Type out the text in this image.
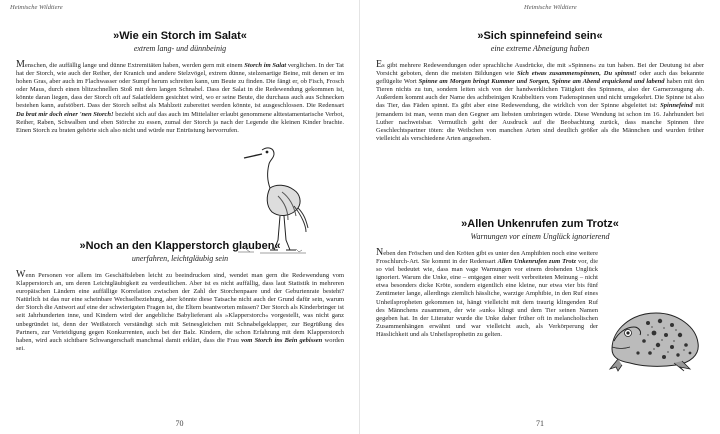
Heimische Wildtiere
»Wie ein Storch im Salat«
extrem lang- und dünnbeinig
Menschen, die auffällig lange und dünne Extremitäten haben, werden gern mit einem Storch im Salat verglichen. In der Tat hat der Storch, wie auch der Reiher, der Kranich und andere Stelzvögel, extrem dünne, stelzenartige Beine, mit denen er im hohen Gras, aber auch im Flachwasser oder Sumpf herum schreiten kann, um Beute zu finden. Die fängt er, ob Fisch, Frosch oder Maus, durch einen blitzschnellen Stoß mit dem langen Schnabel. Dass der Salat in die Redewendung gekommen ist, könnte daran liegen, dass der Storch oft auf Salatfeldern gesichtet wird, wo er seine Beute, die durchaus auch aus Schnecken bestehen kann, aufstöbert. Dass der Storch selbst als Mahlzeit zubereitet werden könnte, ist ausgeschlossen. Die Redensart Da brat mir doch einer 'nen Storch! bezieht sich auf das auch im Mittelalter erlaubt genommene alttestamentarische Verbot, Reiher, Raben, Schwalben und eben Störche zu essen, zumal der Storch ja nach der Legende die kleinen Kinder brachte. Einen Storch zu braten gehörte sich also nicht und würde nur Entrüstung hervorrufen.
»Noch an den Klapperstorch glauben«
unerfahren, leichtgläubig sein
Wenn Personen vor allem im Geschäftsleben leicht zu beeindrucken sind, wendet man gern die Redewendung vom Klapperstorch an, um deren Leichtgläubigkeit zu verdeutlichen. Aber ist es nicht auffällig, dass laut Statistik in mehreren europäischen Ländern eine auffällige Korrelation zwischen der Zahl der Storchenpaare und der Geburtenrate besteht? Natürlich ist das nur eine scheinbare Wechselbeziehung, aber könnte diese Tatsache nicht auch der Grund dafür sein, warum der Storch die Antwort auf eine der schwierigsten Fragen ist, die Eltern beantworten müssen? Der Storch als Kinderbringer ist seit Jahrhunderten inne, und Kindern wird der angebliche Babylieferant als »Klapperstorch« vorgestellt, was nicht ganz unbegründet ist, denn der Weißstorch verständigt sich mit Seinesgleichen mit Schnabelgeklapper, zur Begrüßung des Partners, zur Verteidigung gegen Konkurrenten, auch bei der Balz. Kindern, die schon Erfahrung mit dem Klapperstorch haben, wird auch sichtbare Schwangerschaft manchmal damit erklärt, dass die Frau vom Storch ins Bein gebissen worden sei.
70
Heimische Wildtiere
»Sich spinnefeind sein«
eine extreme Abneigung haben
Es gibt mehrere Redewendungen oder sprachliche Ausdrücke, die mit »Spinnen« zu tun haben. Bei der Deutung ist aber Vorsicht geboten, denn die meisten Bildungen wie Sich etwas zusammenspinnen, Du spinnst! oder auch das bekannte geflügelte Wort Spinne am Morgen bringt Kummer und Sorgen, Spinne am Abend erquickend und labend haben mit den Tieren nichts zu tun, sondern leiten sich von der handwerklichen Tätigkeit des Spinnens, also der Garnerzeugung ab. Außerdem kommt auch der Name des achtbeinigen Krabbeltiers vom Fadenspinnen und nicht umgekehrt. Die Spinne ist also das Tier, das Fäden spinnt. Es gibt aber eine Redewendung, die wirklich von der Spinne abgeleitet ist: Spinnefeind mit jemandem ist man, wenn man den Gegner am liebsten umbringen würde. Diese Wendung ist schon im 16. Jahrhundert bei Luther nachweisbar. Vermutlich geht der Ausdruck auf die Beobachtung zurück, dass manche Spinnen ihre Geschlechtspartner töten: die Weibchen von manchen Arten sind deutlich größer als die Männchen und wurden früher vielleicht als verschiedene Arten angesehen.
»Allen Unkenrufen zum Trotz«
Warnungen vor einem Unglück ignorierend
Neben den Fröschen und den Kröten gibt es unter den Amphibien noch eine weitere Froschlurch-Art. Sie kommt in der Redensart Allen Unkenrufen zum Trotz vor, die so viel bedeutet wie, dass man vage Warnungen vor einem drohenden Unglück ignoriert. Warum die Unke, eine – entgegen einer weit verbreiteten Meinung – nicht etwa besonders dicke Kröte, sondern eigentlich eine kleine, nur etwa vier bis fünf Zentimeter lange, allerdings ziemlich hässliche, warzige Amphibie, in den Ruf eines Unheilspropheten gekommen ist, hängt vielleicht mit dem traurig klingenden Ruf des Männchens zusammen, der wie »unk« klingt und dem Tier seinen Namen gegeben hat. In der Literatur wurde die Unke daher früher oft in melancholischen Zusammenhängen erwähnt und war vielleicht auch, als Verkörperung der Hässlichkeit und als Unheilsprophetin zu gelten.
71
